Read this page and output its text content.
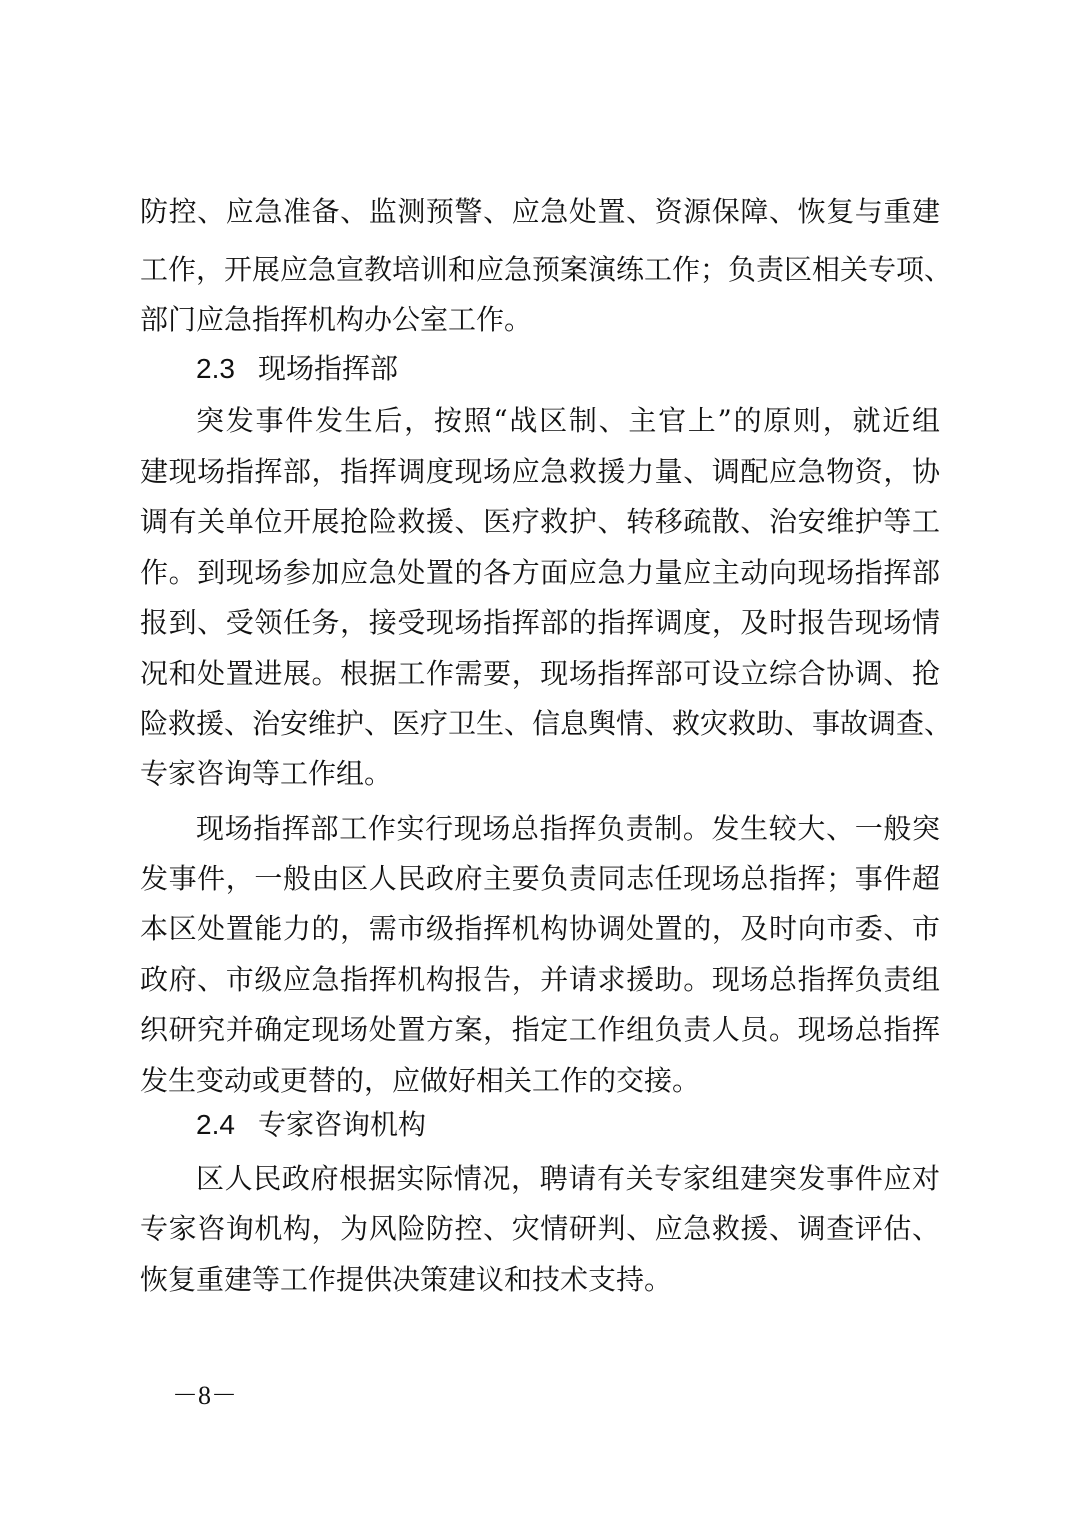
防控、应急准备、监测预警、应急处置、资源保障、恢复与重建
工作，开展应急宣教培训和应急预案演练工作；负责区相关专项、
部门应急指挥机构办公室工作。
2.3 现场指挥部
突发事件发生后，按照“战区制、主官上”的原则，就近组
建现场指挥部，指挥调度现场应急救援力量、调配应急物资，协
调有关单位开展抢险救援、医疗救护、转移疏散、治安维护等工
作。到现场参加应急处置的各方面应急力量应主动向现场指挥部
报到、受领任务，接受现场指挥部的指挥调度，及时报告现场情
况和处置进展。根据工作需要，现场指挥部可设立综合协调、抢
险救援、治安维护、医疗卫生、信息舆情、救灾救助、事故调查、
专家咨询等工作组。
现场指挥部工作实行现场总指挥负责制。发生较大、一般突
发事件，一般由区人民政府主要负责同志任现场总指挥；事件超
本区处置能力的，需市级指挥机构协调处置的，及时向市委、市
政府、市级应急指挥机构报告，并请求援助。现场总指挥负责组
织研究并确定现场处置方案，指定工作组负责人员。现场总指挥
发生变动或更替的，应做好相关工作的交接。
2.4 专家咨询机构
区人民政府根据实际情况，聘请有关专家组建突发事件应对
专家咨询机构，为风险防控、灾情研判、应急救援、调查评估、
恢复重建等工作提供决策建议和技术支持。
－8－
